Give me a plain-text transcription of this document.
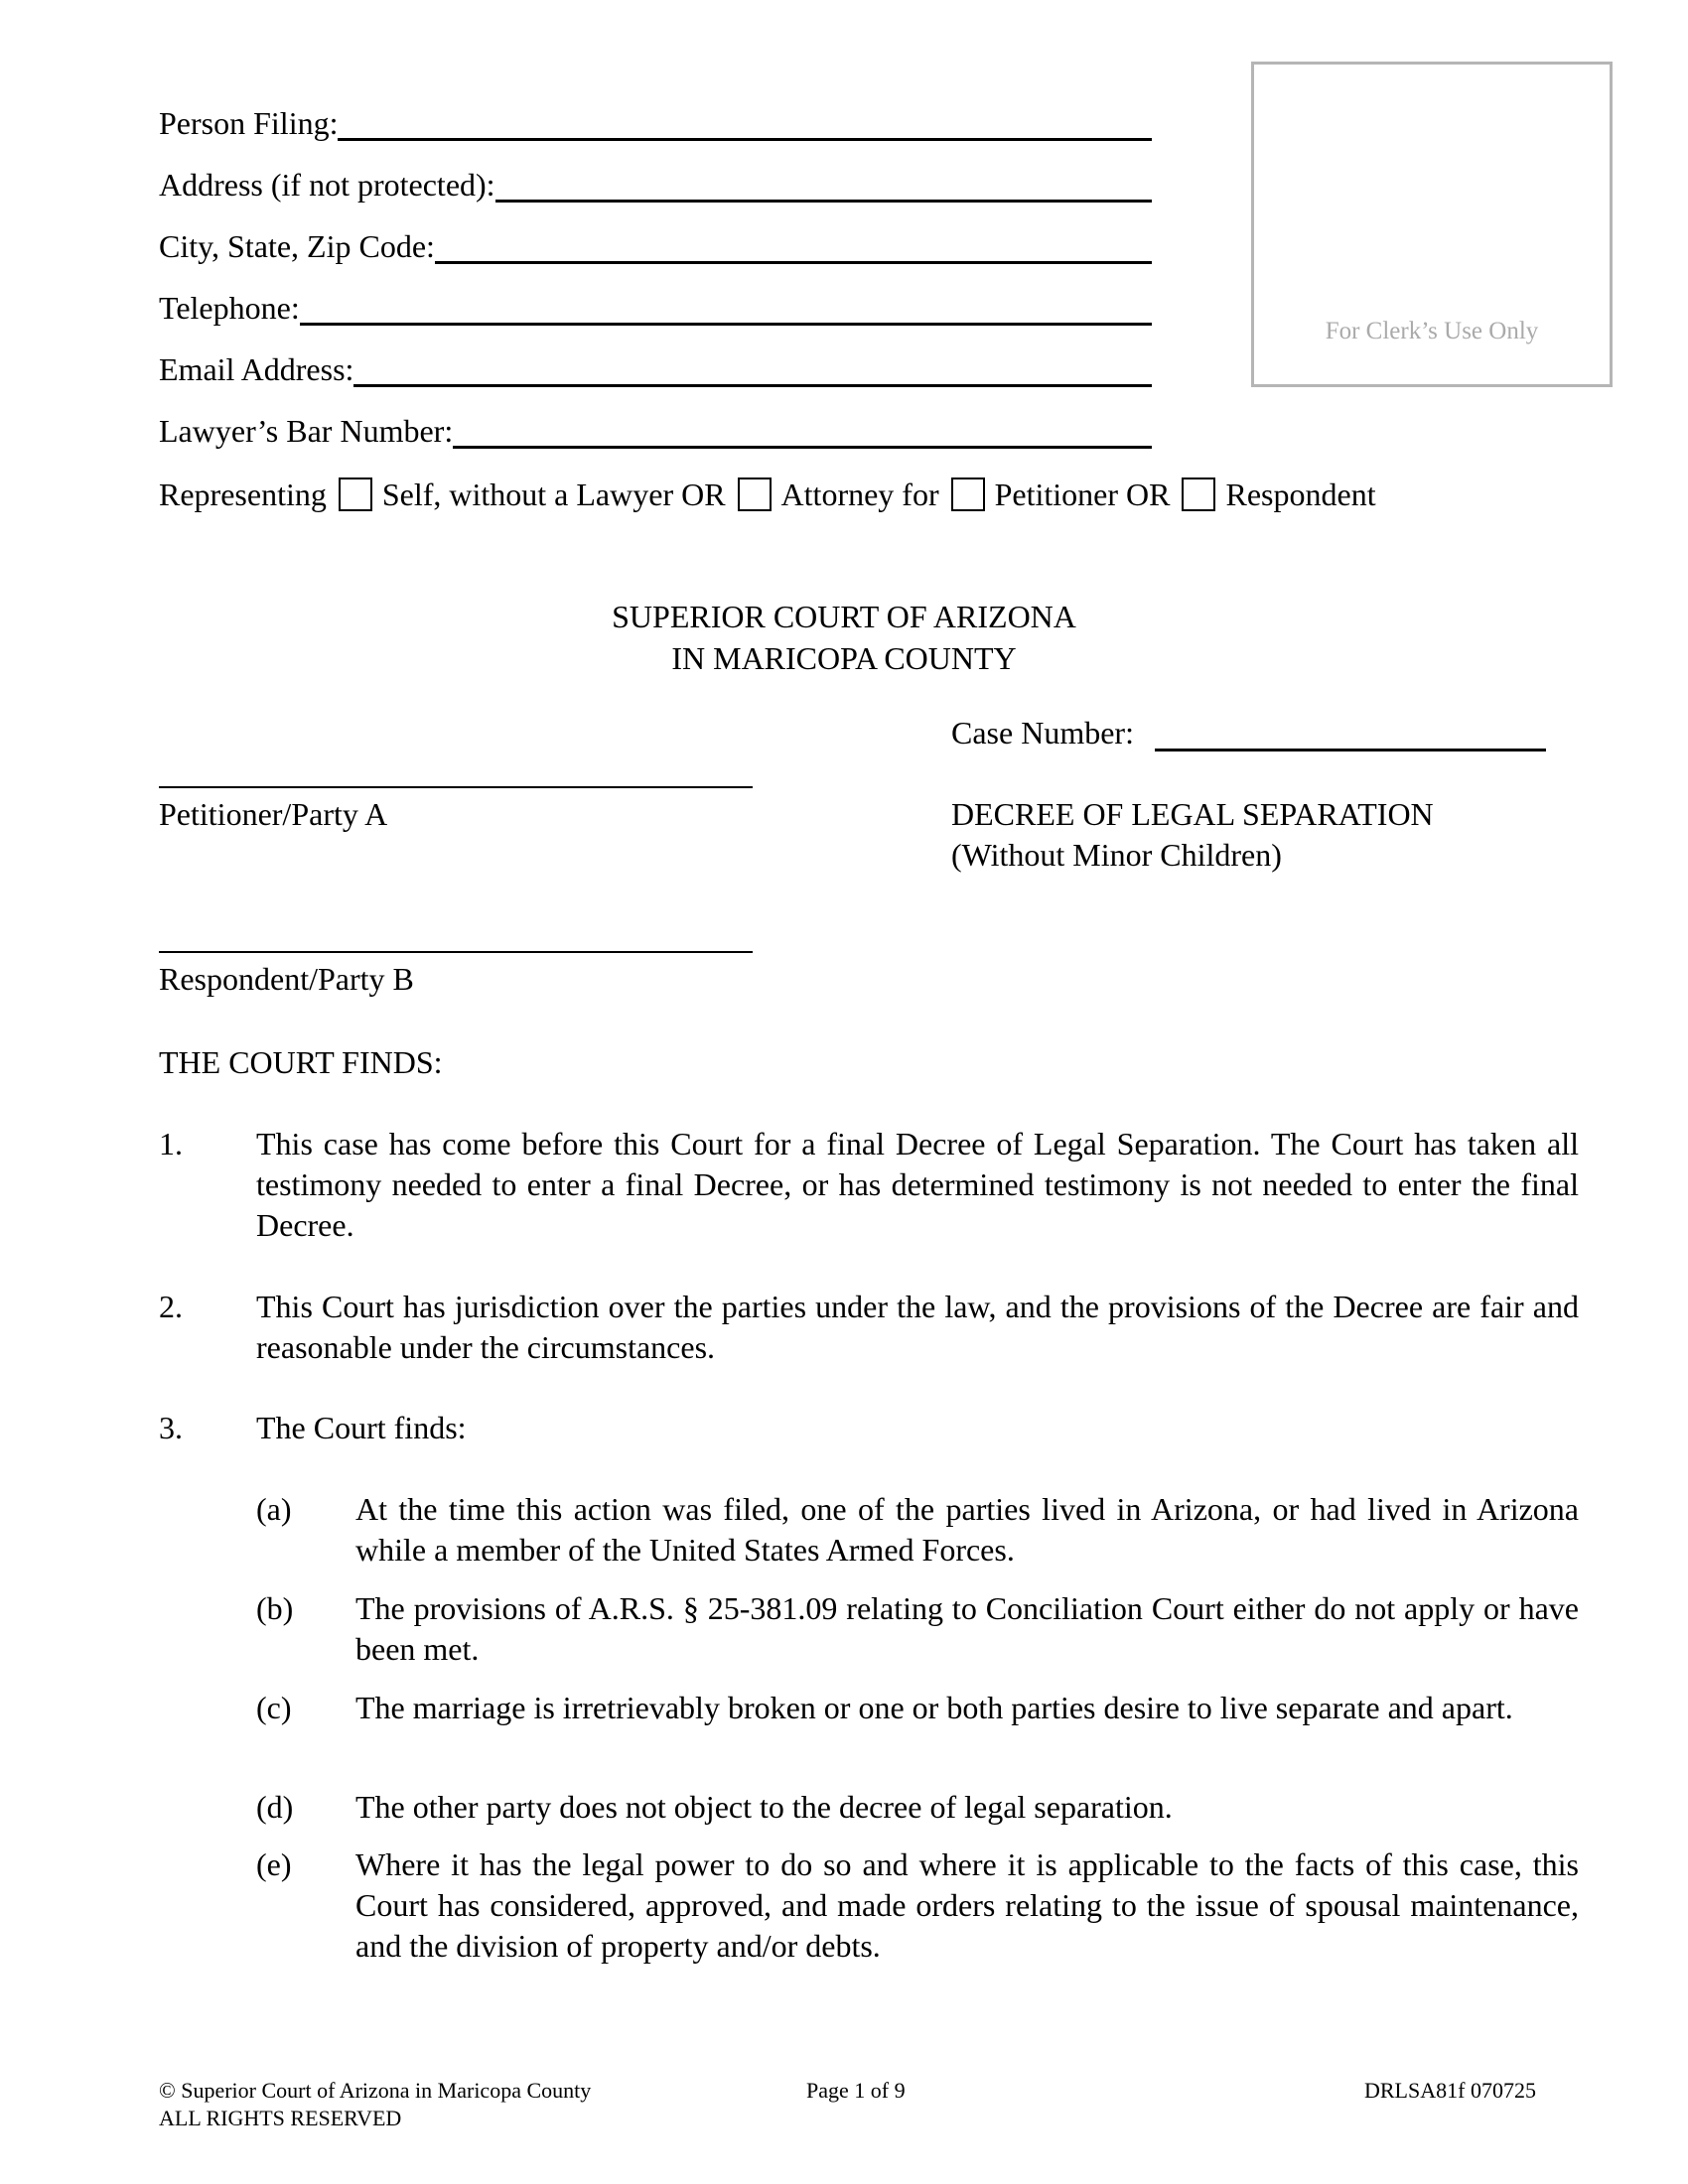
Person Filing:
Address (if not protected):
City, State, Zip Code:
Telephone:
Email Address:
Lawyer’s Bar Number:
For Clerk’s Use Only
Representing Self, without a Lawyer OR Attorney for Petitioner OR Respondent
SUPERIOR COURT OF ARIZONA
IN MARICOPA COUNTY
Case Number:
Petitioner/Party A	DECREE OF LEGAL SEPARATION
(Without Minor Children)
Respondent/Party B
THE COURT FINDS:
1. This case has come before this Court for a final Decree of Legal Separation. The Court has taken all testimony needed to enter a final Decree, or has determined testimony is not needed to enter the final Decree.
2. This Court has jurisdiction over the parties under the law, and the provisions of the Decree are fair and reasonable under the circumstances.
3. The Court finds:
(a) At the time this action was filed, one of the parties lived in Arizona, or had lived in Arizona while a member of the United States Armed Forces.
(b) The provisions of A.R.S. § 25-381.09 relating to Conciliation Court either do not apply or have been met.
(c) The marriage is irretrievably broken or one or both parties desire to live separate and apart.
(d) The other party does not object to the decree of legal separation.
(e) Where it has the legal power to do so and where it is applicable to the facts of this case, this Court has considered, approved, and made orders relating to the issue of spousal maintenance, and the division of property and/or debts.
© Superior Court of Arizona in Maricopa County
ALL RIGHTS RESERVED
Page 1 of 9	DRLSA81f 070725
